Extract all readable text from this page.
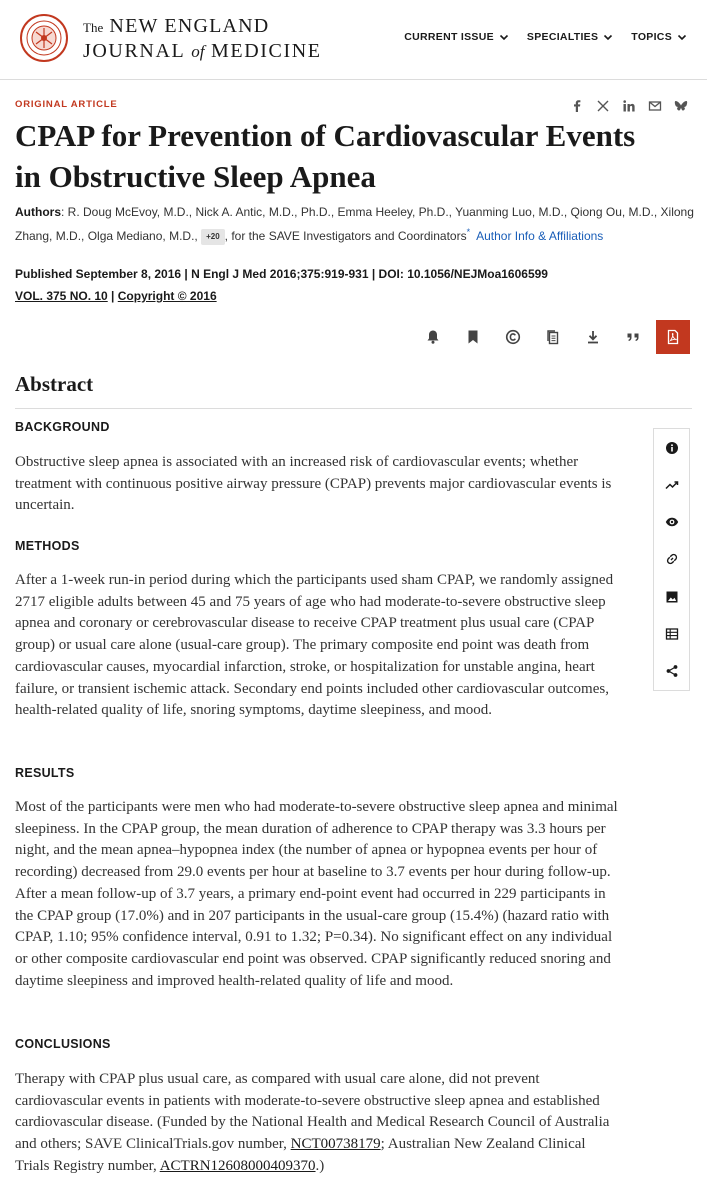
The NEW ENGLAND
JOURNAL of MEDICINE
CURRENT ISSUE	SPECIALTIES	TOPICS
ORIGINAL ARTICLE
CPAP for Prevention of Cardiovascular Events in Obstructive Sleep Apnea
Authors: R. Doug McEvoy, M.D., Nick A. Antic, M.D., Ph.D., Emma Heeley, Ph.D., Yuanming Luo, M.D., Qiong Ou, M.D., Xilong Zhang, M.D., Olga Mediano, M.D., +20 , for the SAVE Investigators and Coordinators* Author Info & Affiliations
Published September 8, 2016 | N Engl J Med 2016;375:919-931 | DOI: 10.1056/NEJMoa1606599
VOL. 375 NO. 10 | Copyright © 2016
Abstract
BACKGROUND

Obstructive sleep apnea is associated with an increased risk of cardiovascular events; whether treatment with continuous positive airway pressure (CPAP) prevents major cardiovascular events is uncertain.

METHODS

After a 1-week run-in period during which the participants used sham CPAP, we randomly assigned 2717 eligible adults between 45 and 75 years of age who had moderate-to-severe obstructive sleep apnea and coronary or cerebrovascular disease to receive CPAP treatment plus usual care (CPAP group) or usual care alone (usual-care group). The primary composite end point was death from cardiovascular causes, myocardial infarction, stroke, or hospitalization for unstable angina, heart failure, or transient ischemic attack. Secondary end points included other cardiovascular outcomes, health-related quality of life, snoring symptoms, daytime sleepiness, and mood.

RESULTS

Most of the participants were men who had moderate-to-severe obstructive sleep apnea and minimal sleepiness. In the CPAP group, the mean duration of adherence to CPAP therapy was 3.3 hours per night, and the mean apnea–hypopnea index (the number of apnea or hypopnea events per hour of recording) decreased from 29.0 events per hour at baseline to 3.7 events per hour during follow-up. After a mean follow-up of 3.7 years, a primary end-point event had occurred in 229 participants in the CPAP group (17.0%) and in 207 participants in the usual-care group (15.4%) (hazard ratio with CPAP, 1.10; 95% confidence interval, 0.91 to 1.32; P=0.34). No significant effect on any individual or other composite cardiovascular end point was observed. CPAP significantly reduced snoring and daytime sleepiness and improved health-related quality of life and mood.

CONCLUSIONS

Therapy with CPAP plus usual care, as compared with usual care alone, did not prevent cardiovascular events in patients with moderate-to-severe obstructive sleep apnea and established cardiovascular disease. (Funded by the National Health and Medical Research Council of Australia and others; SAVE ClinicalTrials.gov number, NCT00738179; Australian New Zealand Clinical Trials Registry number, ACTRN12608000409370.)
